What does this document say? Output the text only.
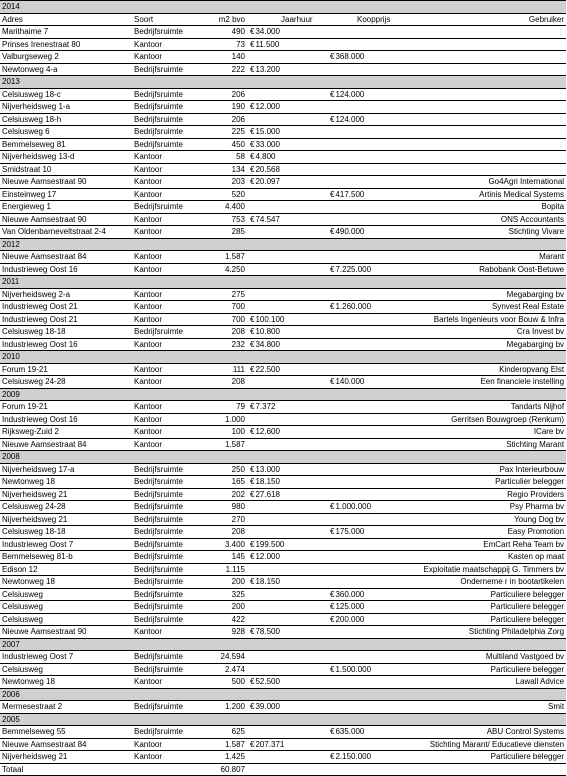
2014					
Adres	Soort	m2 bvo	Jaarhuur	Koopprijs	Gebruiker
Marithaime 7	Bedrijfsruimte	490	€34.000		
Prinses Irenestraat 80	Kantoor	73	€11.500		
Valburgseweg 2	Kantoor	140		€368.000	
Newtonweg 4-a	Bedrijfsruimte	222	€13.200		
2013					
Celsiusweg 18-c	Bedrijfsruimte	206		€124.000	
Nijverheidsweg 1-a	Bedrijfsruimte	190	€12.000		
Celsiusweg 18-h	Bedrijfsruimte	206		€124.000	
Celsiusweg 6	Bedrijfsruimte	225	€15.000		
Bemmelseweg 81	Bedrijfsruimte	450	€33.000		
Nijverheidsweg 13-d	Kantoor	58	€4.800		
Smidstraat 10	Kantoor	134	€20.568		
Nieuwe Aamsestraat 90	Kantoor	203	€20.097		Go4Agri International
Einsteinweg 17	Kantoor	520		€417.500	Artinis Medical Systems
Energieweg 1	Bedrijfsruimte	4.400			Bopita
Nieuwe Aamsestraat 90	Kantoor	753	€74.547		ONS Accountants
Van Oldenbarneveltstraat 2-4	Kantoor	285		€490.000	Stichting Vivare
2012					
Nieuwe Aamsestraat 84	Kantoor	1.587			Marant
Industrieweg Oost 16	Kantoor	4.250		€7.225.000	Rabobank Oost-Betuwe
2011					
Nijverheidsweg 2-a	Kantoor	275			Megabarging bv
Industrieweg Oost 21	Kantoor	700		€1.260.000	Synvest Real Estate
Industrieweg Oost 21	Kantoor	700	€100.100		Bartels Ingenieurs voor Bouw & Infra
Celsiusweg 18-18	Bedrijfsruimte	208	€10.800		Cra Invest bv
Industrieweg Oost 16	Kantoor	232	€34.800		Megabarging bv
2010					
Forum 19-21	Kantoor	111	€22.500		Kinderopvang Elst
Celsiusweg 24-28	Kantoor	208		€140.000	Een financiele instelling
2009					
Forum 19-21	Kantoor	79	€7.372		Tandarts Nijhof
Industrieweg Oost 16	Kantoor	1.000			Gerritsen Bouwgroep (Renkum)
Rijksweg-Zuid 2	Kantoor	100	€12.600		ICare bv
Nieuwe Aamsestraat 84	Kantoor	1.587			Stichting Marant
2008					
Nijverheidsweg 17-a	Bedrijfsruimte	250	€13.000		Pax Interieurbouw
Newtonweg 18	Bedrijfsruimte	165	€18.150		Particulier belegger
Nijverheidsweg 21	Bedrijfsruimte	202	€27.618		Regio Providers
Celsiusweg 24-28	Bedrijfsruimte	980		€1.000.000	Psy Pharma bv
Nijverheidsweg 21	Bedrijfsruimte	270			Young Dog bv
Celsiusweg 18-18	Bedrijfsruimte	208		€175.000	Easy Promotion
Industrieweg Oost 7	Bedrijfsruimte	3.400	€199.500		EmCart Reha Team bv
Bemmelseweg 81-b	Bedrijfsruimte	145	€12.000		Kasten op maat
Edison 12	Bedrijfsruimte	1.115			Exploitatie maatschappij G. Timmers bv
Newtonweg 18	Bedrijfsruimte	200	€18.150		Onderneme r in bootartikelen
Celsiusweg	Bedrijfsruimte	325		€360.000	Particuliere belegger
Celsiusweg	Bedrijfsruimte	200		€125.000	Particuliere belegger
Celsiusweg	Bedrijfsruimte	422		€200.000	Particuliere belegger
Nieuwe Aamsestraat 90	Kantoor	928	€78.500		Stichting Philadelphia Zorg
2007					
Industrieweg Oost 7	Bedrijfsruimte	24.594			Multiland Vastgoed bv
Celsiusweg	Bedrijfsruimte	2.474		€1.500.000	Particuliere belegger
Newtonweg 18	Kantoor	500	€52.500		Lawall Advice
2006					
Mermesestraat 2	Bedrijfsruimte	1.200	€39.000		Smit
2005					
Bemmelseweg 55	Bedrijfsruimte	625		€635.000	ABU Control Systems
Nieuwe Aamsestraat 84	Kantoor	1.587	€207.371		Stichting Marant/ Educatieve diensten
Nijverheidsweg 21	Kantoor	1.425		€2.150.000	Particuliere belegger
Totaal		60.807			
